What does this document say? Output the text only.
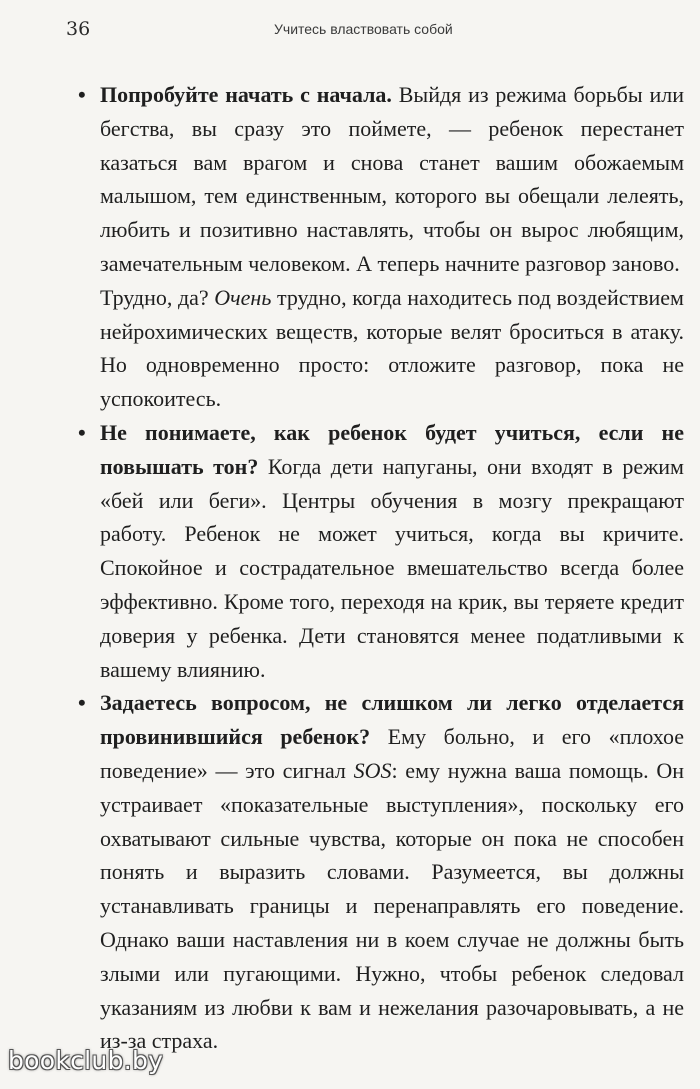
36	Учитесь властвовать собой
• Попробуйте начать с начала. Выйдя из режима борьбы или бегства, вы сразу это поймете, — ребенок перестанет казаться вам врагом и снова станет вашим обожаемым малышом, тем единственным, которого вы обещали лелеять, любить и позитивно наставлять, чтобы он вырос любящим, замечательным человеком. А теперь начните разговор заново.

Трудно, да? Очень трудно, когда находитесь под воздействием нейрохимических веществ, которые велят броситься в атаку. Но одновременно просто: отложите разговор, пока не успокоитесь.

• Не понимаете, как ребенок будет учиться, если не повышать тон? Когда дети напуганы, они входят в режим «бей или беги». Центры обучения в мозгу прекращают работу. Ребенок не может учиться, когда вы кричите. Спокойное и сострадательное вмешательство всегда более эффективно. Кроме того, переходя на крик, вы теряете кредит доверия у ребенка. Дети становятся менее податливыми к вашему влиянию.

• Задаетесь вопросом, не слишком ли легко отделается провинившийся ребенок? Ему больно, и его «плохое поведение» — это сигнал SOS: ему нужна ваша помощь. Он устраивает «показательные выступления», поскольку его охватывают сильные чувства, которые он пока не способен понять и выразить словами. Разумеется, вы должны устанавливать границы и перенаправлять его поведение. Однако ваши наставления ни в коем случае не должны быть злыми или пугающими. Нужно, чтобы ребенок следовал указаниям из любви к вам и нежелания разочаровывать, а не из-за страха.

bookclub.by
